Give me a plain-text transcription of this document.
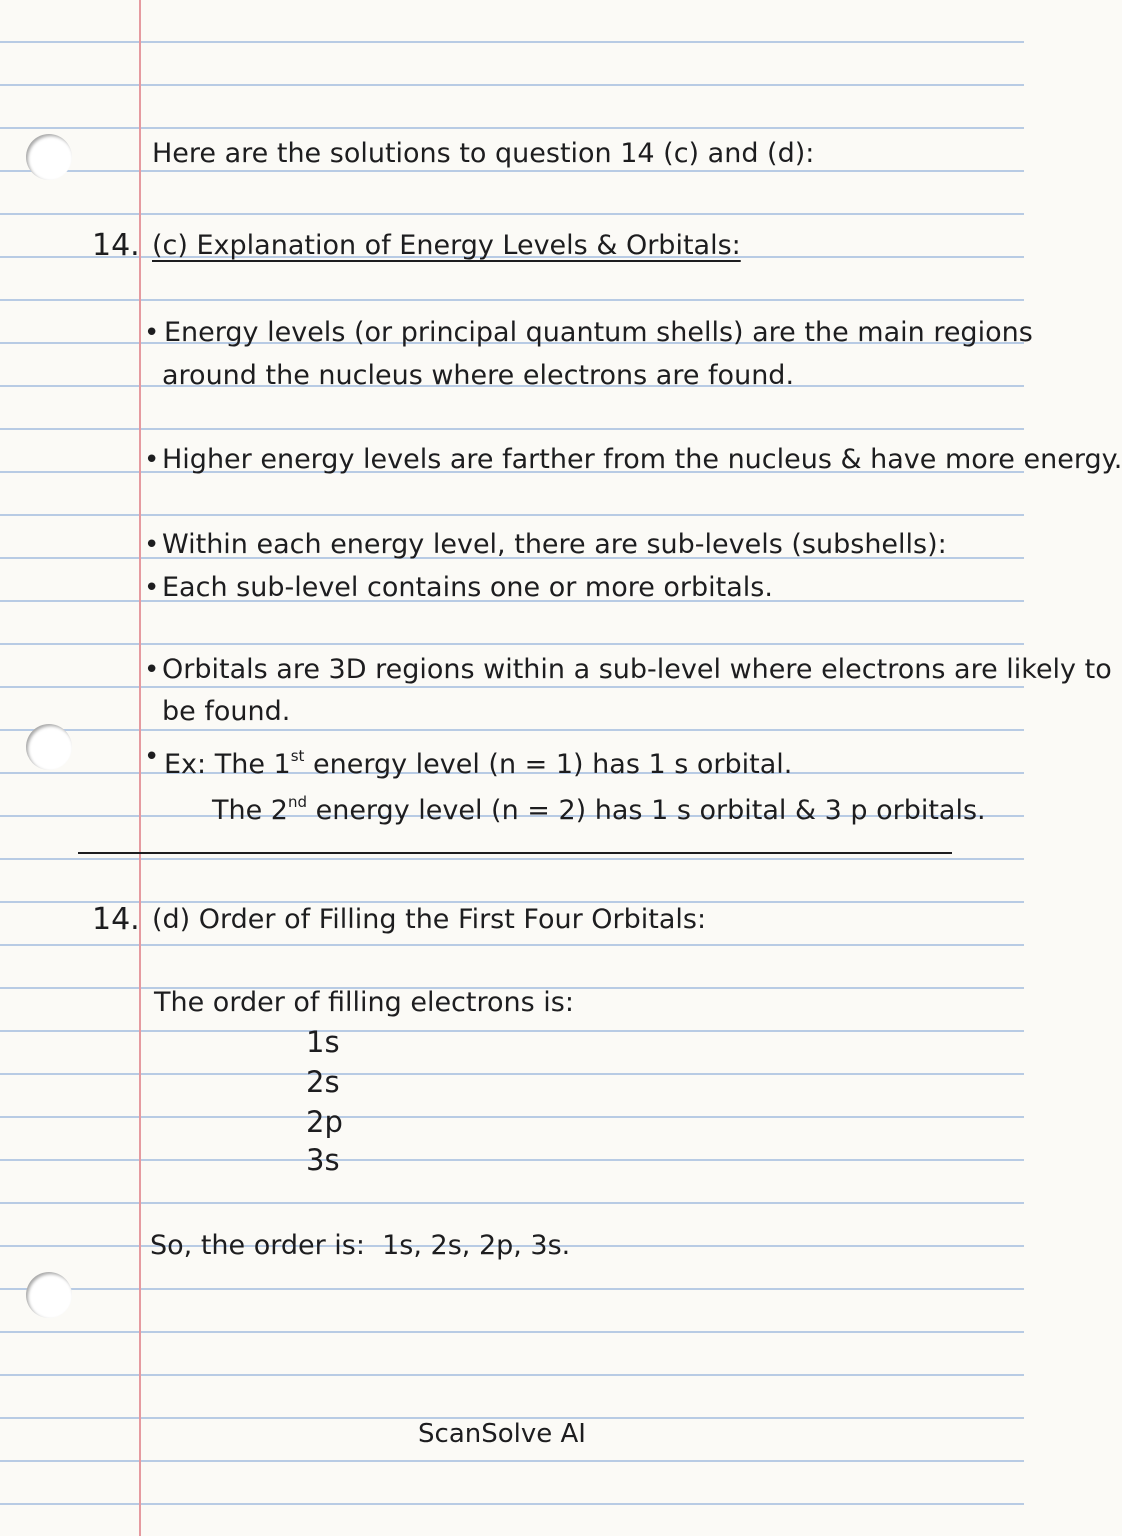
Here are the solutions to question 14 (c) and (d):
14. (c) Explanation of Energy Levels & Orbitals:
• Energy levels (or principal quantum shells) are the main regions
around the nucleus where electrons are found.
• Higher energy levels are farther from the nucleus & have more energy.
• Within each energy level, there are sub-levels (subshells):
• Each sub-level contains one or more orbitals.
• Orbitals are 3D regions within a sub-level where electrons are likely to
be found.
• Ex: The 1st energy level (n = 1) has 1 s orbital.
The 2nd energy level (n = 2) has 1 s orbital & 3 p orbitals.
14. (d) Order of Filling the First Four Orbitals:
The order of filling electrons is:
1s
2s
2p
3s
So, the order is:  1s, 2s, 2p, 3s.
ScanSolve AI
